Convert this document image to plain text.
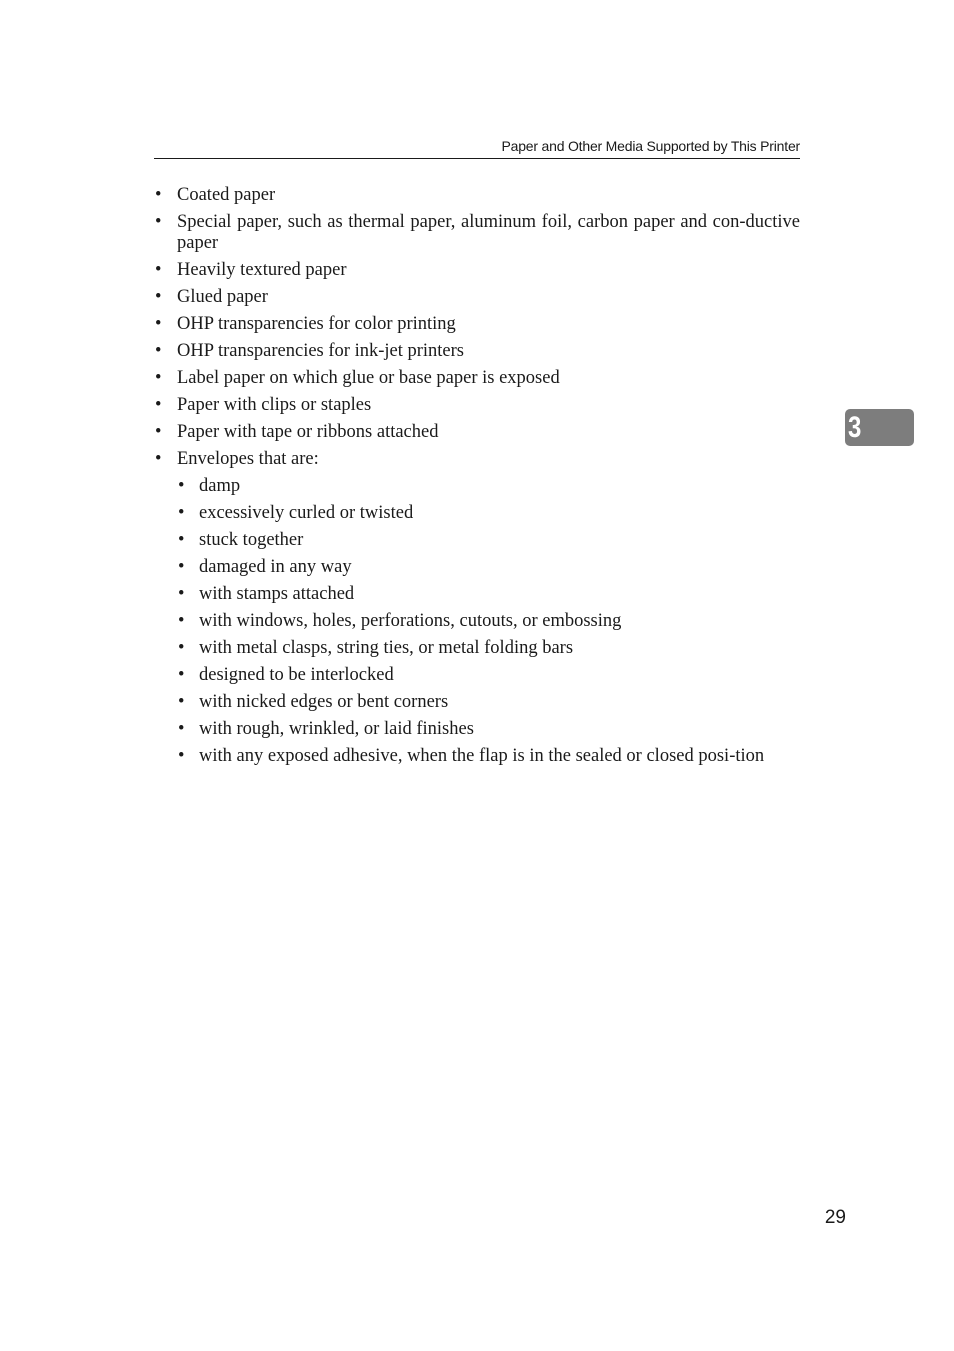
Paper and Other Media Supported by This Printer
• Coated paper
• Special paper, such as thermal paper, aluminum foil, carbon paper and con-ductive paper
• Heavily textured paper
• Glued paper
• OHP transparencies for color printing
• OHP transparencies for ink-jet printers
• Label paper on which glue or base paper is exposed
• Paper with clips or staples
• Paper with tape or ribbons attached
• Envelopes that are:
• damp
• excessively curled or twisted
• stuck together
• damaged in any way
• with stamps attached
• with windows, holes, perforations, cutouts, or embossing
• with metal clasps, string ties, or metal folding bars
• designed to be interlocked
• with nicked edges or bent corners
• with rough, wrinkled, or laid finishes
• with any exposed adhesive, when the flap is in the sealed or closed posi-tion
3
29
